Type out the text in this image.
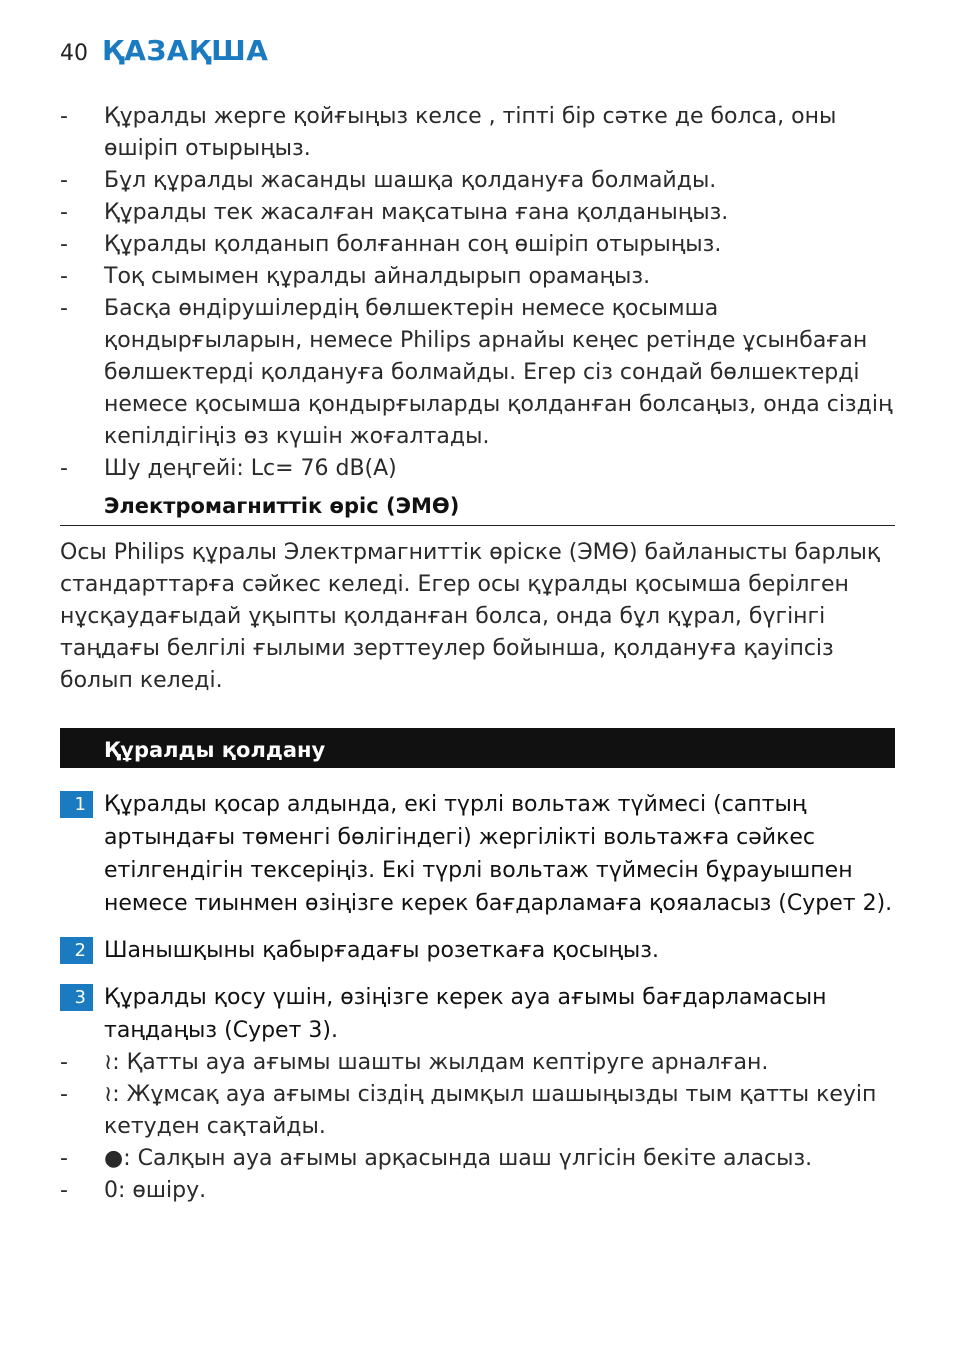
40 ҚАЗАҚША
- Құралды жерге қойғыңыз келсе , тіпті бір сәтке де болса, оны өшіріп отырыңыз.
- Бұл құралды жасанды шашқа қолдануға болмайды.
- Құралды тек жасалған мақсатына ғана қолданыңыз.
- Құралды қолданып болғаннан соң өшіріп отырыңыз.
- Тоқ сымымен құралды айналдырып орамаңыз.
- Басқа өндірушілердің бөлшектерін немесе қосымша қондырғыларын, немесе Philips арнайы кеңес ретінде ұсынбаған бөлшектерді қолдануға болмайды. Егер сіз сондай бөлшектерді немесе қосымша қондырғыларды қолданған болсаңыз, онда сіздің кепілдігіңіз өз күшін жоғалтады.
- Шу деңгейі: Lc= 76 dB(A)
Электромагниттік өріс (ЭМӨ)
Осы Philips құралы Электрмагниттік өріске (ЭМӨ) байланысты барлық стандарттарға сәйкес келеді. Егер осы құралды қосымша берілген нұсқаудағыдай ұқыпты қолданған болса, онда бұл құрал, бүгінгі таңдағы белгілі ғылыми зерттеулер бойынша, қолдануға қауіпсіз болып келеді.
Құралды қолдану
1 Құралды қосар алдында, екі түрлі вольтаж түймесі (саптың артындағы төменгі бөлігіндегі) жергілікті вольтажға сәйкес етілгендігін тексеріңіз. Екі түрлі вольтаж түймесін бұрауышпен немесе тиынмен өзіңізге керек бағдарламаға қояаласыз (Сурет 2).
2 Шанышқыны қабырғадағы розеткаға қосыңыз.
3 Құралды қосу үшін, өзіңізге керек ауа ағымы бағдарламасын таңдаңыз (Сурет 3).
- ≀: Қатты ауа ағымы шашты жылдам кептіруге арналған.
- ≀: Жұмсақ ауа ағымы сіздің дымқыл шашыңызды тым қатты кеуіп кетуден сақтайды.
- ●: Салқын ауа ағымы арқасында шаш үлгісін бекіте аласыз.
- 0: өшіру.
